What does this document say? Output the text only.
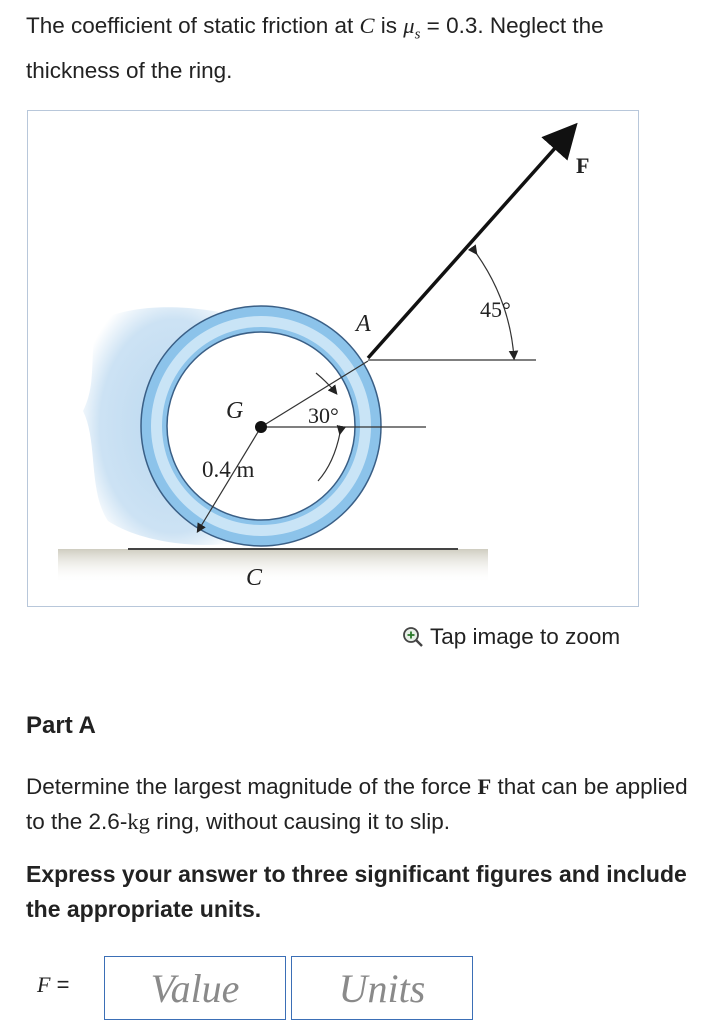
The coefficient of static friction at C is $\mu_s = 0.3$. Neglect the thickness of the ring.
F
45°
A
G	30°
0.4 m
C
Tap image to zoom
Part A
Determine the largest magnitude of the force F that can be applied to the 2.6-kg ring, without causing it to slip.
Express your answer to three significant figures and include the appropriate units.
F =
Value
Units
